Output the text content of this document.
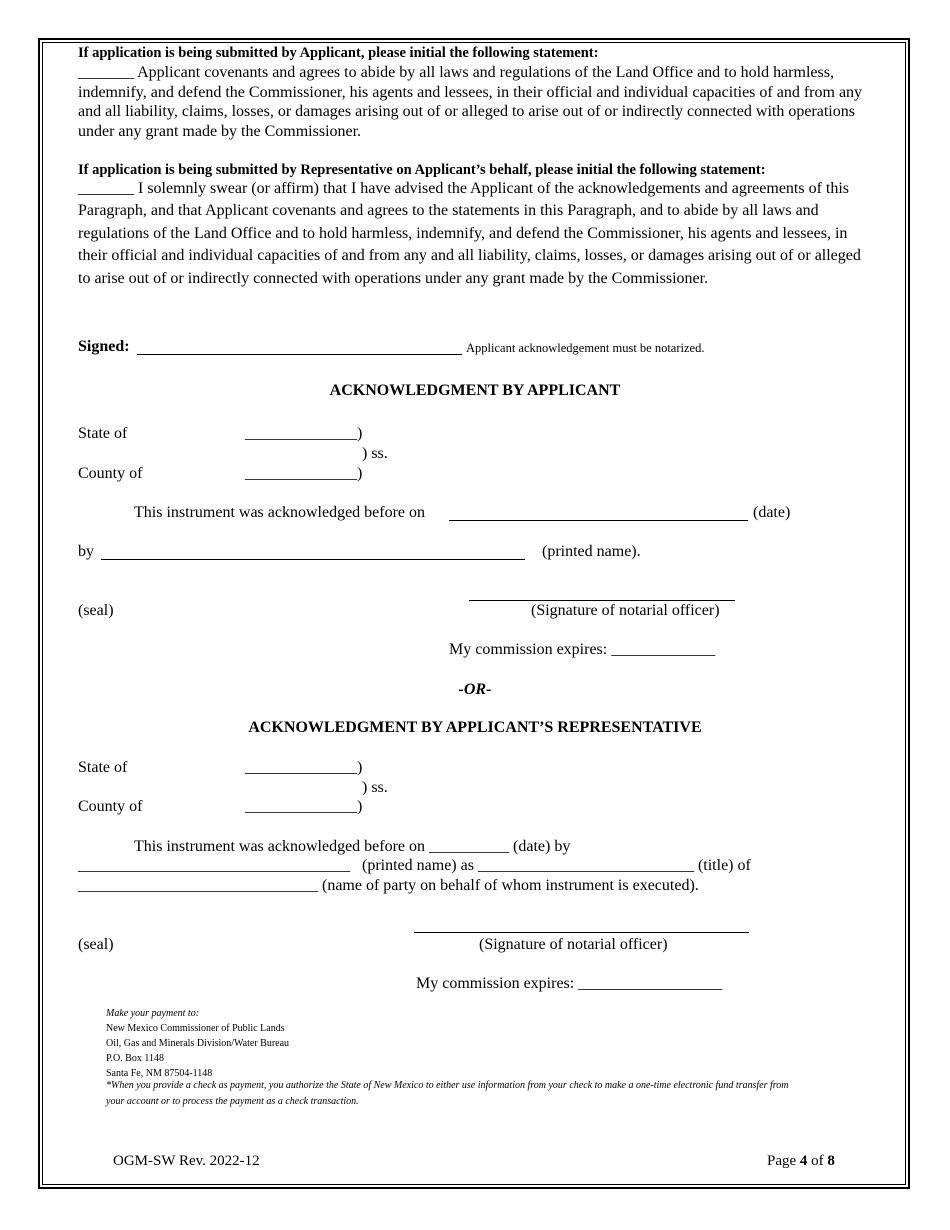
If application is being submitted by Applicant, please initial the following statement:
_______ Applicant covenants and agrees to abide by all laws and regulations of the Land Office and to hold harmless, indemnify, and defend the Commissioner, his agents and lessees, in their official and individual capacities of and from any and all liability, claims, losses, or damages arising out of or alleged to arise out of or indirectly connected with operations under any grant made by the Commissioner.
If application is being submitted by Representative on Applicant’s behalf, please initial the following statement:
_______ I solemnly swear (or affirm) that I have advised the Applicant of the acknowledgements and agreements of this Paragraph, and that Applicant covenants and agrees to the statements in this Paragraph, and to abide by all laws and regulations of the Land Office and to hold harmless, indemnify, and defend the Commissioner, his agents and lessees, in their official and individual capacities of and from any and all liability, claims, losses, or damages arising out of or alleged to arise out of or indirectly connected with operations under any grant made by the Commissioner.
Signed:	Applicant acknowledgement must be notarized.
ACKNOWLEDGMENT BY APPLICANT
State of	______________)
) ss.
County of	______________)
This instrument was acknowledged before on	(date)
by	(printed name).
(seal)	(Signature of notarial officer)
My commission expires: _____________
-OR-
ACKNOWLEDGMENT BY APPLICANT’S REPRESENTATIVE
State of	______________)
) ss.
County of	______________)
This instrument was acknowledged before on __________ (date) by
__________________________________   (printed name) as ___________________________ (title) of
______________________________ (name of party on behalf of whom instrument is executed).
(seal)	(Signature of notarial officer)
My commission expires: __________________
Make your payment to:
New Mexico Commissioner of Public Lands
Oil, Gas and Minerals Division/Water Bureau
P.O. Box 1148
Santa Fe, NM 87504-1148
*When you provide a check as payment, you authorize the State of New Mexico to either use information from your check to make a one-time electronic fund transfer from
your account or to process the payment as a check transaction.
OGM-SW Rev. 2022-12	Page 4 of 8
